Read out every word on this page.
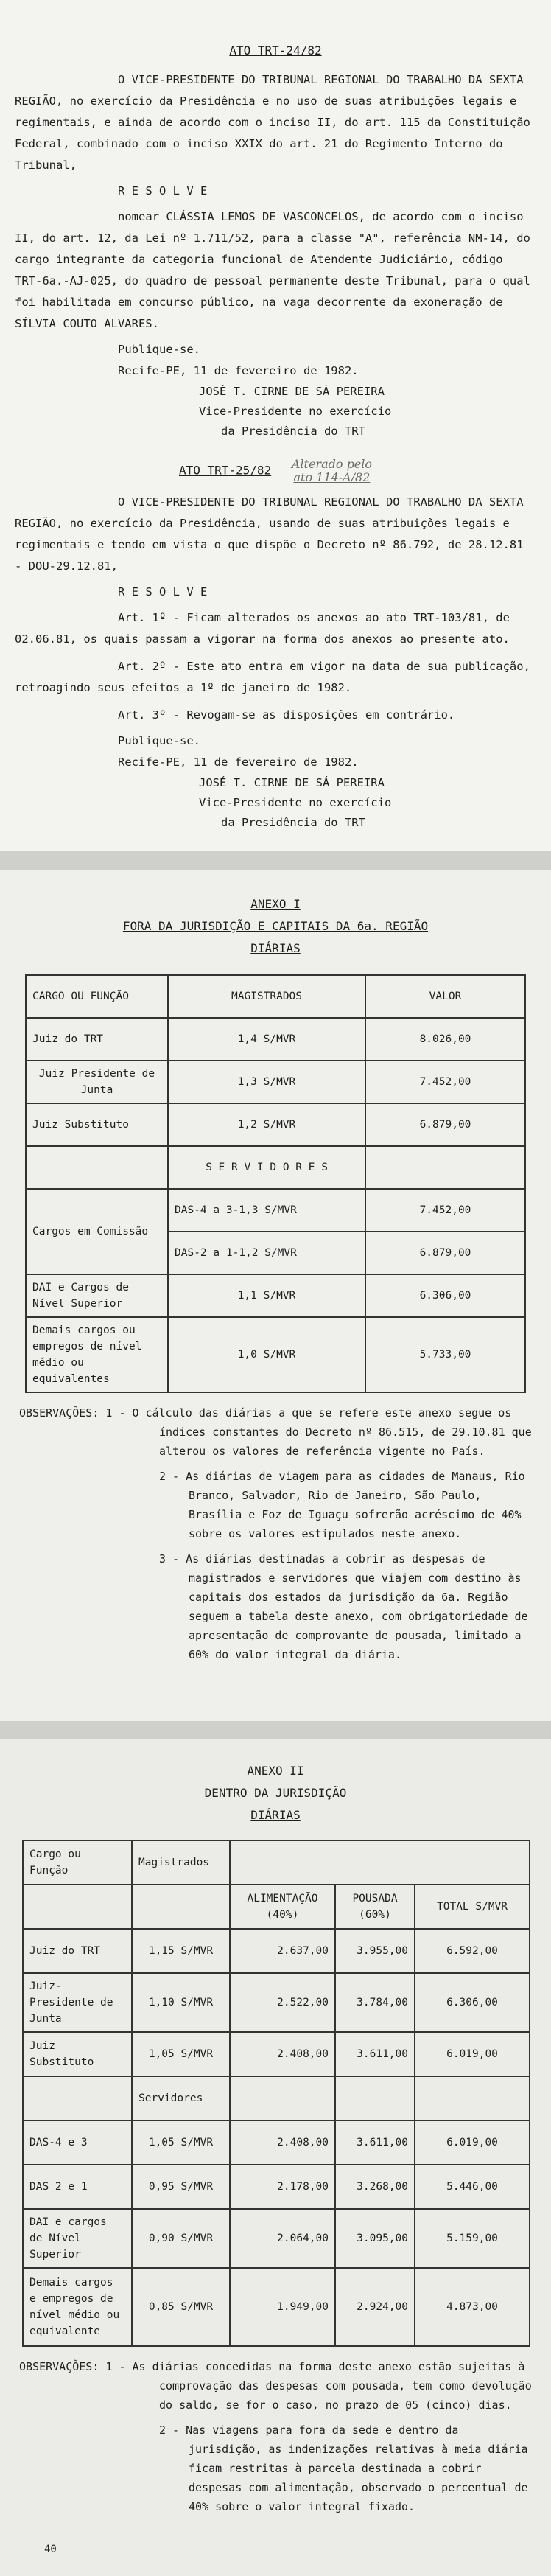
ATO TRT-24/82

O VICE-PRESIDENTE DO TRIBUNAL REGIONAL DO TRABALHO DA SEXTA REGIÃO, no exercício da Presidência e no uso de suas atribuições legais e regimentais, e ainda de acordo com o inciso II, do art. 115 da Constituição Federal, combinado com o inciso XXIX do art. 21 do Regimento Interno do Tribunal,

R E S O L V E

nomear CLÁSSIA LEMOS DE VASCONCELOS, de acordo com o inciso II, do art. 12, da Lei nº 1.711/52, para a classe "A", referência NM-14, do cargo integrante da categoria funcional de Atendente Judiciário, código TRT-6a.-AJ-025, do quadro de pessoal permanente deste Tribunal, para o qual foi habilitada em concurso público, na vaga decorrente da exoneração de SÍLVIA COUTO ALVARES.

Publique-se.

Recife-PE, 11 de fevereiro de 1982.

JOSÉ T. CIRNE DE SÁ PEREIRA
Vice-Presidente no exercício
da Presidência do TRT
ATO TRT-25/82 Alterado pelo
ato 114-A/82

O VICE-PRESIDENTE DO TRIBUNAL REGIONAL DO TRABALHO DA SEXTA REGIÃO, no exercício da Presidência, usando de suas atribuições legais e regimentais e tendo em vista o que dispõe o Decreto nº 86.792, de 28.12.81 - DOU-29.12.81,

R E S O L V E

Art. 1º - Ficam alterados os anexos ao ato TRT-103/81, de 02.06.81, os quais passam a vigorar na forma dos anexos ao presente ato.

Art. 2º - Este ato entra em vigor na data de sua publicação, retroagindo seus efeitos a 1º de janeiro de 1982.

Art. 3º - Revogam-se as disposições em contrário.

Publique-se.

Recife-PE, 11 de fevereiro de 1982.

JOSÉ T. CIRNE DE SÁ PEREIRA
Vice-Presidente no exercício
da Presidência do TRT

ANEXO I

FORA DA JURISDIÇÃO E CAPITAIS DA 6a. REGIÃO

DIÁRIAS

CARGO OU FUNÇÃO	MAGISTRADOS	VALOR
Juiz do TRT	1,4 S/MVR	8.026,00
Juiz Presidente de Junta	1,3 S/MVR	7.452,00
Juiz Substituto	1,2 S/MVR	6.879,00
	S E R V I D O R E S	
Cargos em Comissão	DAS-4 a 3-1,3 S/MVR	7.452,00
	DAS-2 a 1-1,2 S/MVR	6.879,00
DAI e Cargos de Nível Superior	1,1 S/MVR	6.306,00
Demais cargos ou empregos de nível médio ou equivalentes	1,0 S/MVR	5.733,00
OBSERVAÇÕES: 1 - O cálculo das diárias a que se refere este anexo segue os índices constantes do Decreto nº 86.515, de 29.10.81 que alterou os valores de referência vigente no País.
2 - As diárias de viagem para as cidades de Manaus, Rio Branco, Salvador, Rio de Janeiro, São Paulo, Brasília e Foz de Iguaçu sofrerão acréscimo de 40% sobre os valores estipulados neste anexo.
3 - As diárias destinadas a cobrir as despesas de magistrados e servidores que viajem com destino às capitais dos estados da jurisdição da 6a. Região seguem a tabela deste anexo, com obrigatoriedade de apresentação de comprovante de pousada, limitado a 60% do valor integral da diária.

ANEXO II

DENTRO DA JURISDIÇÃO

DIÁRIAS

Cargo ou Função	Magistrados			
		ALIMENTAÇÃO (40%)	POUSADA (60%)	TOTAL S/MVR
Juiz do TRT	1,15 S/MVR	2.637,00	3.955,00	6.592,00
Juiz-Presidente de Junta	1,10 S/MVR	2.522,00	3.784,00	6.306,00
Juiz Substituto	1,05 S/MVR	2.408,00	3.611,00	6.019,00
	Servidores			
DAS-4 e 3	1,05 S/MVR	2.408,00	3.611,00	6.019,00
DAS 2 e 1	0,95 S/MVR	2.178,00	3.268,00	5.446,00
DAI e cargos de Nível Superior	0,90 S/MVR	2.064,00	3.095,00	5.159,00
Demais cargos e empregos de nível médio ou equivalente	0,85 S/MVR	1.949,00	2.924,00	4.873,00
OBSERVAÇÕES: 1 - As diárias concedidas na forma deste anexo estão sujeitas à comprovação das despesas com pousada, tem como devolução do saldo, se for o caso, no prazo de 05 (cinco) dias.
2 - Nas viagens para fora da sede e dentro da jurisdição, as indenizações relativas à meia diária ficam restritas à parcela destinada a cobrir despesas com alimentação, observado o percentual de 40% sobre o valor integral fixado.
40
